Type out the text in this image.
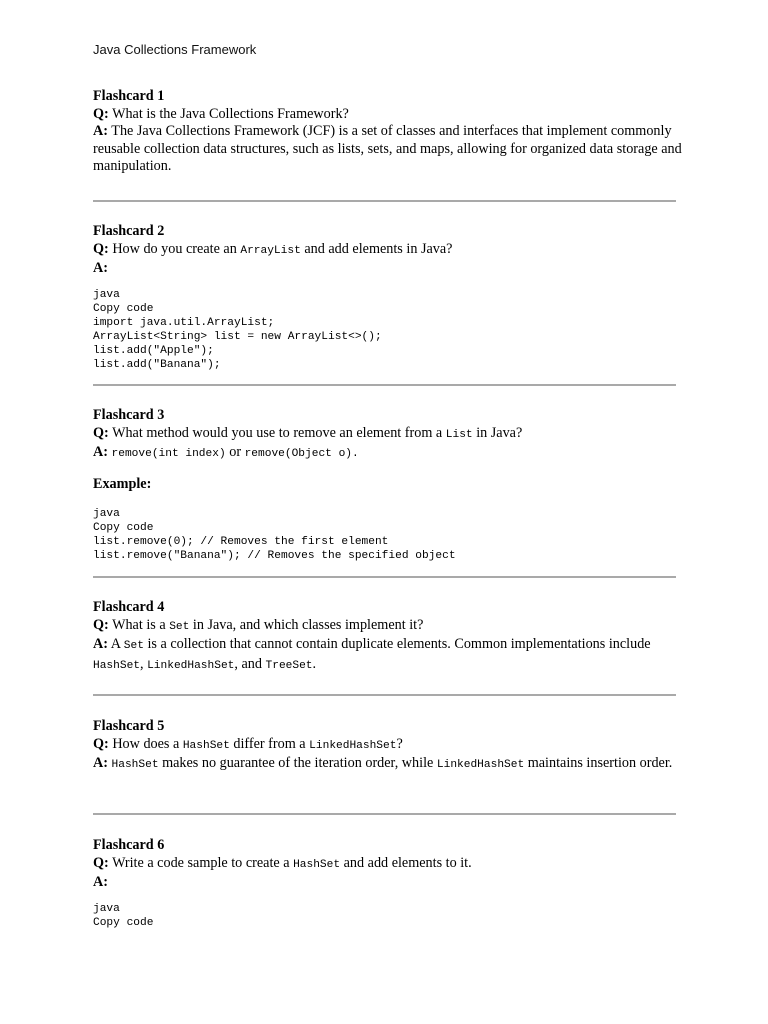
Java Collections Framework
Flashcard 1
Q: What is the Java Collections Framework?
A: The Java Collections Framework (JCF) is a set of classes and interfaces that implement commonly reusable collection data structures, such as lists, sets, and maps, allowing for organized data storage and manipulation.
Flashcard 2
Q: How do you create an ArrayList and add elements in Java?
A:
java
Copy code
import java.util.ArrayList;
ArrayList<String> list = new ArrayList<>();
list.add("Apple");
list.add("Banana");
Flashcard 3
Q: What method would you use to remove an element from a List in Java?
A: remove(int index) or remove(Object o).
Example:
java
Copy code
list.remove(0); // Removes the first element
list.remove("Banana"); // Removes the specified object
Flashcard 4
Q: What is a Set in Java, and which classes implement it?
A: A Set is a collection that cannot contain duplicate elements. Common implementations include HashSet, LinkedHashSet, and TreeSet.
Flashcard 5
Q: How does a HashSet differ from a LinkedHashSet?
A: HashSet makes no guarantee of the iteration order, while LinkedHashSet maintains insertion order.
Flashcard 6
Q: Write a code sample to create a HashSet and add elements to it.
A:
java
Copy code
